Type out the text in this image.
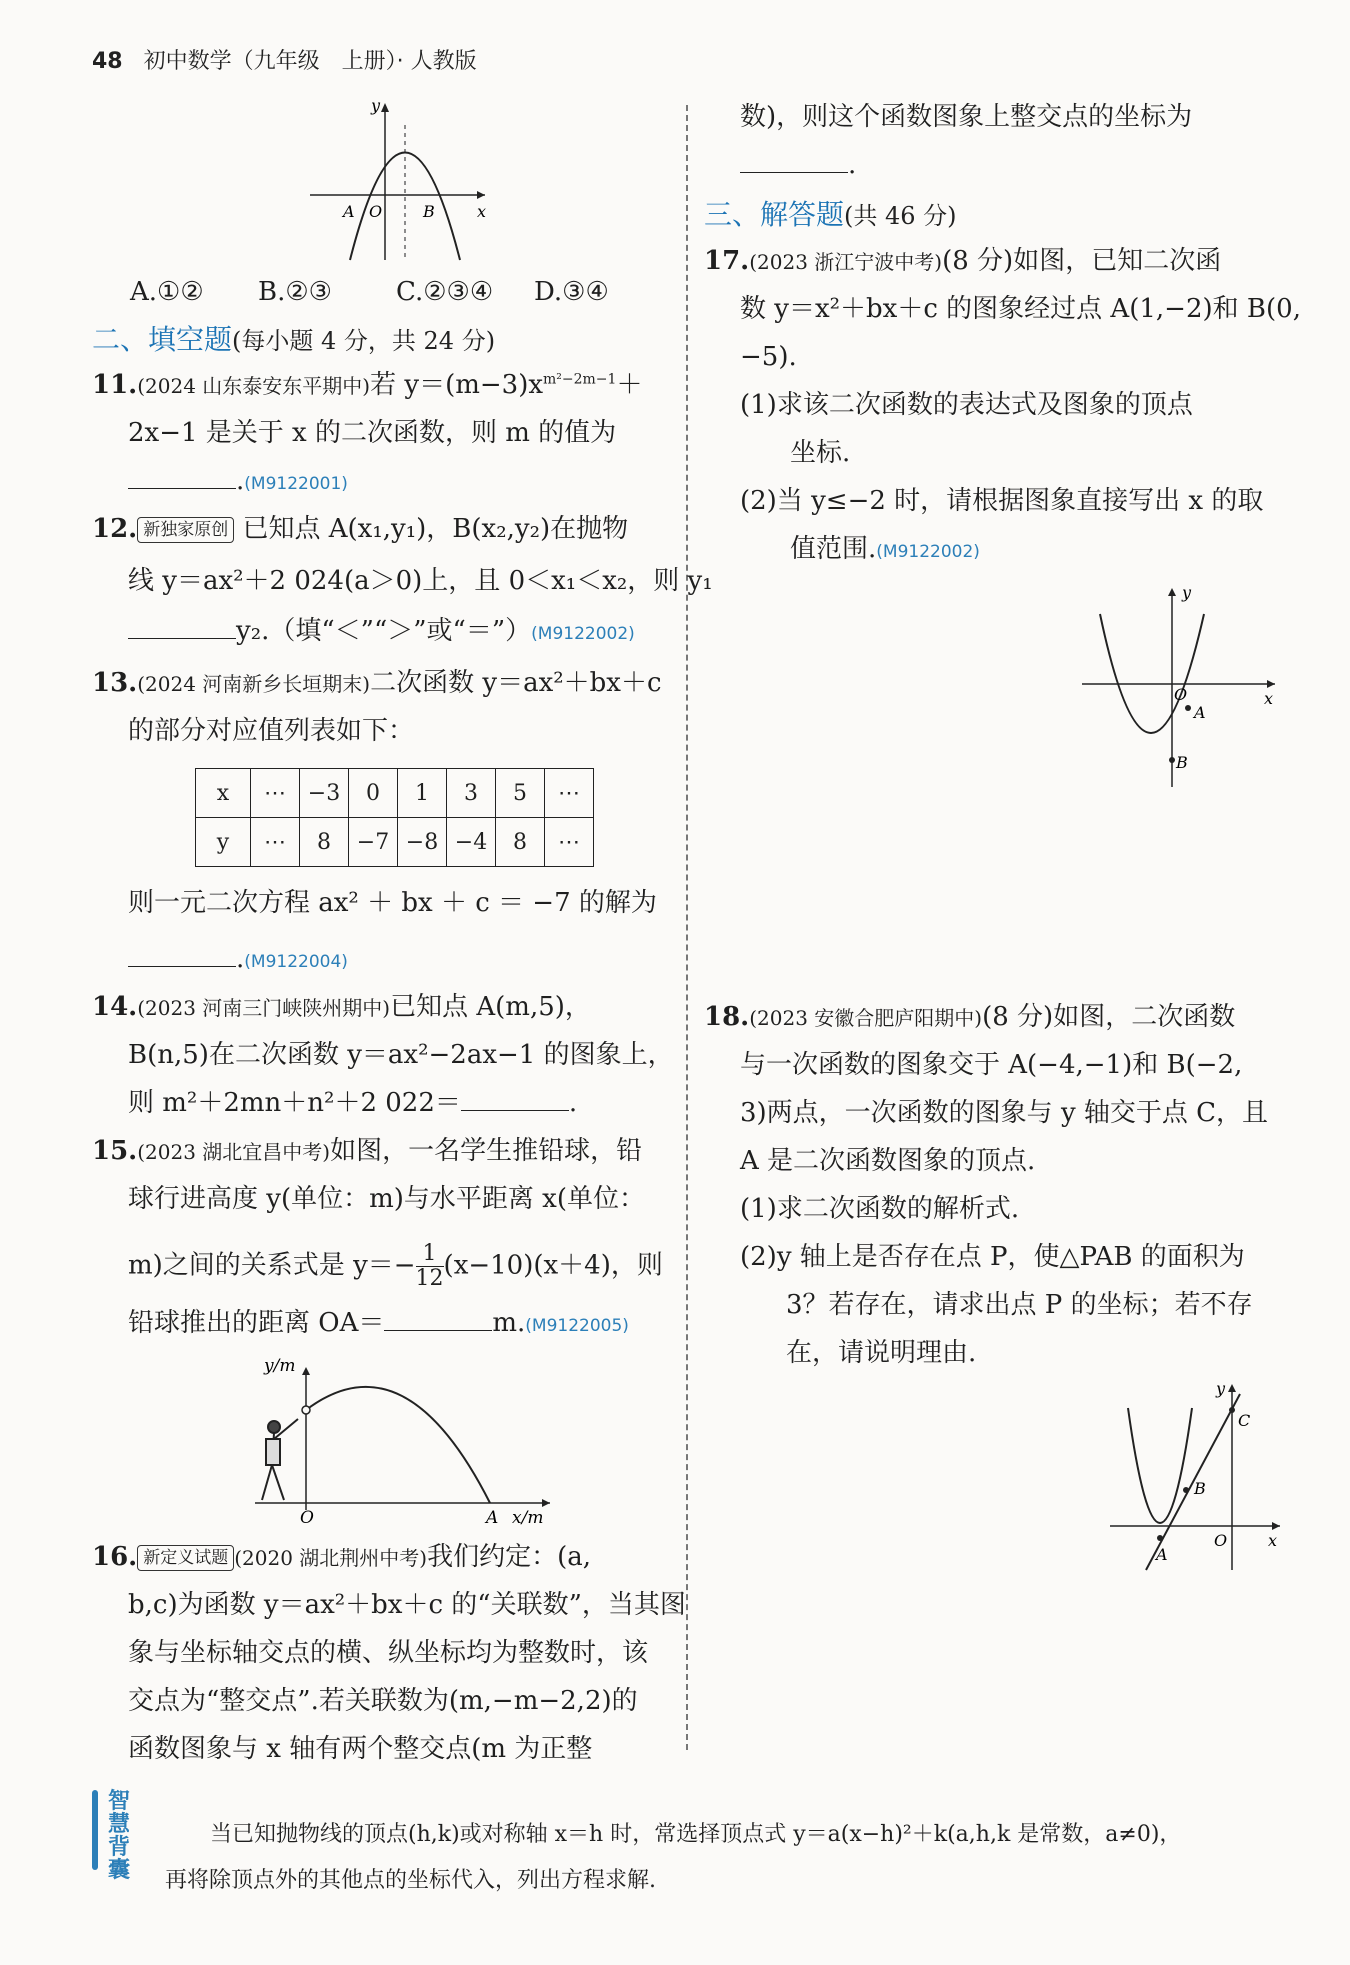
48 初中数学（九年级　上册）· 人教版
y
x
A O	B
A.①② B.②③ C.②③④ D.③④
二、填空题(每小题 4 分，共 24 分)
11.(2024 山东泰安东平期中)若 $y=(m-3)x^{m^2-2m-1}+$
2x−1 是关于 x 的二次函数，则 m 的值为
.(M9122001)
12. 新独家原创 已知点 A(x₁,y₁)，B(x₂,y₂)在抛物
线 y＝ax²＋2 024(a＞0)上，且 0＜x₁＜x₂，则 y₁
y₂.（填“＜”“＞”或“＝”）(M9122002)
13.(2024 河南新乡长垣期末)二次函数 y＝ax²＋bx＋c
的部分对应值列表如下：
x	⋯	−3	0	1	3	5	⋯
y	⋯	8	−7	−8	−4	8	⋯
则一元二次方程 ax² ＋ bx ＋ c ＝ −7 的解为
.(M9122004)
14.(2023 河南三门峡陕州期中)已知点 A(m,5)，
B(n,5)在二次函数 y＝ax²−2ax−1 的图象上，
则 m²＋2mn＋n²＋2 022＝	.
15.(2023 湖北宜昌中考)如图，一名学生推铅球，铅
球行进高度 y(单位：m)与水平距离 x(单位：
m)之间的关系式是 $y=- \frac{1}{12} (x-10)(x+4)$，则
铅球推出的距离 OA＝	m.(M9122005)
y/m
x/m
O	A
16. 新定义试题 (2020 湖北荆州中考)我们约定：(a,
b,c)为函数 y＝ax²＋bx＋c 的“关联数”，当其图
象与坐标轴交点的横、纵坐标均为整数时，该
交点为“整交点”.若关联数为(m,−m−2,2)的
函数图象与 x 轴有两个整交点(m 为正整
数)，则这个函数图象上整交点的坐标为
.
三、解答题(共 46 分)
17.(2023 浙江宁波中考)(8 分)如图，已知二次函
数 y＝x²＋bx＋c 的图象经过点 A(1,−2)和 B(0,
−5).
(1)求该二次函数的表达式及图象的顶点
坐标.
(2)当 y≤−2 时，请根据图象直接写出 x 的取
值范围.(M9122002)
y
x
O
A
B
18.(2023 安徽合肥庐阳期中)(8 分)如图，二次函数
与一次函数的图象交于 A(−4,−1)和 B(−2,
3)两点，一次函数的图象与 y 轴交于点 C，且
A 是二次函数图象的顶点.
(1)求二次函数的解析式.
(2)y 轴上是否存在点 P，使△PAB 的面积为
3？若存在，请求出点 P 的坐标；若不存
在，请说明理由.
y
x
O
A
B
C
智慧背囊
当已知抛物线的顶点(h,k)或对称轴 x＝h 时，常选择顶点式 y＝a(x−h)²＋k(a,h,k 是常数，a≠0)，
再将除顶点外的其他点的坐标代入，列出方程求解.
